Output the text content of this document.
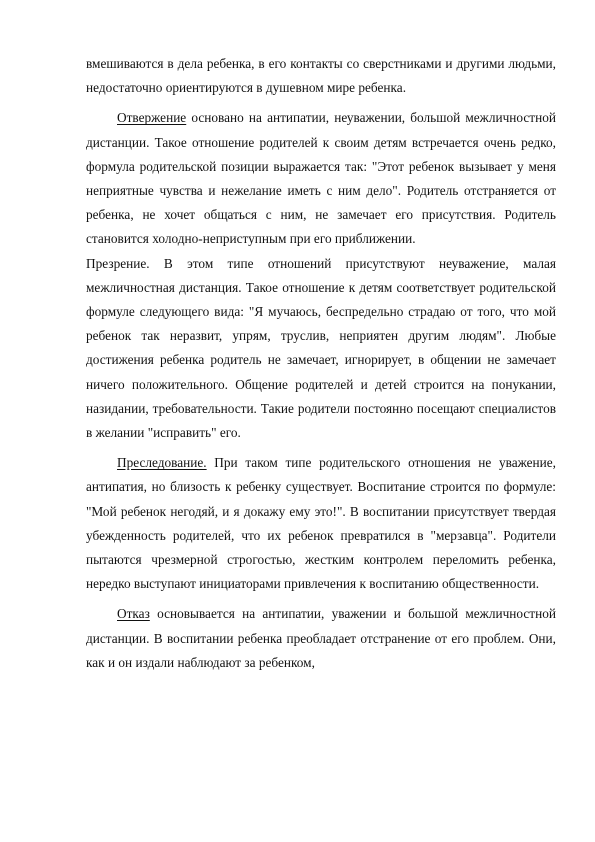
вмешиваются в дела ребенка, в его контакты со сверстниками и другими людьми, недостаточно ориентируются в душевном мире ребенка.

Отвержение основано на антипатии, неуважении, большой межличностной дистанции. Такое отношение родителей к своим детям встречается очень редко, формула родительской позиции выражается так: "Этот ребенок вызывает у меня неприятные чувства и нежелание иметь с ним дело". Родитель отстраняется от ребенка, не хочет общаться с ним, не замечает его присутствия. Родитель становится холодно-неприступным при его приближении.

Презрение. В этом типе отношений присутствуют неуважение, малая межличностная дистанция. Такое отношение к детям соответствует родительской формуле следующего вида: "Я мучаюсь, беспредельно страдаю от того, что мой ребенок так неразвит, упрям, труслив, неприятен другим людям". Любые достижения ребенка родитель не замечает, игнорирует, в общении не замечает ничего положительного. Общение родителей и детей строится на понукании, назидании, требовательности. Такие родители постоянно посещают специалистов в желании "исправить" его.

Преследование. При таком типе родительского отношения не уважение, антипатия, но близость к ребенку существует. Воспитание строится по формуле: "Мой ребенок негодяй, и я докажу ему это!". В воспитании присутствует твердая убежденность родителей, что их ребенок превратился в "мерзавца". Родители пытаются чрезмерной строгостью, жестким контролем переломить ребенка, нередко выступают инициаторами привлечения к воспитанию общественности.

Отказ основывается на антипатии, уважении и большой межличностной дистанции. В воспитании ребенка преобладает отстранение от его проблем. Они, как и он издали наблюдают за ребенком,
